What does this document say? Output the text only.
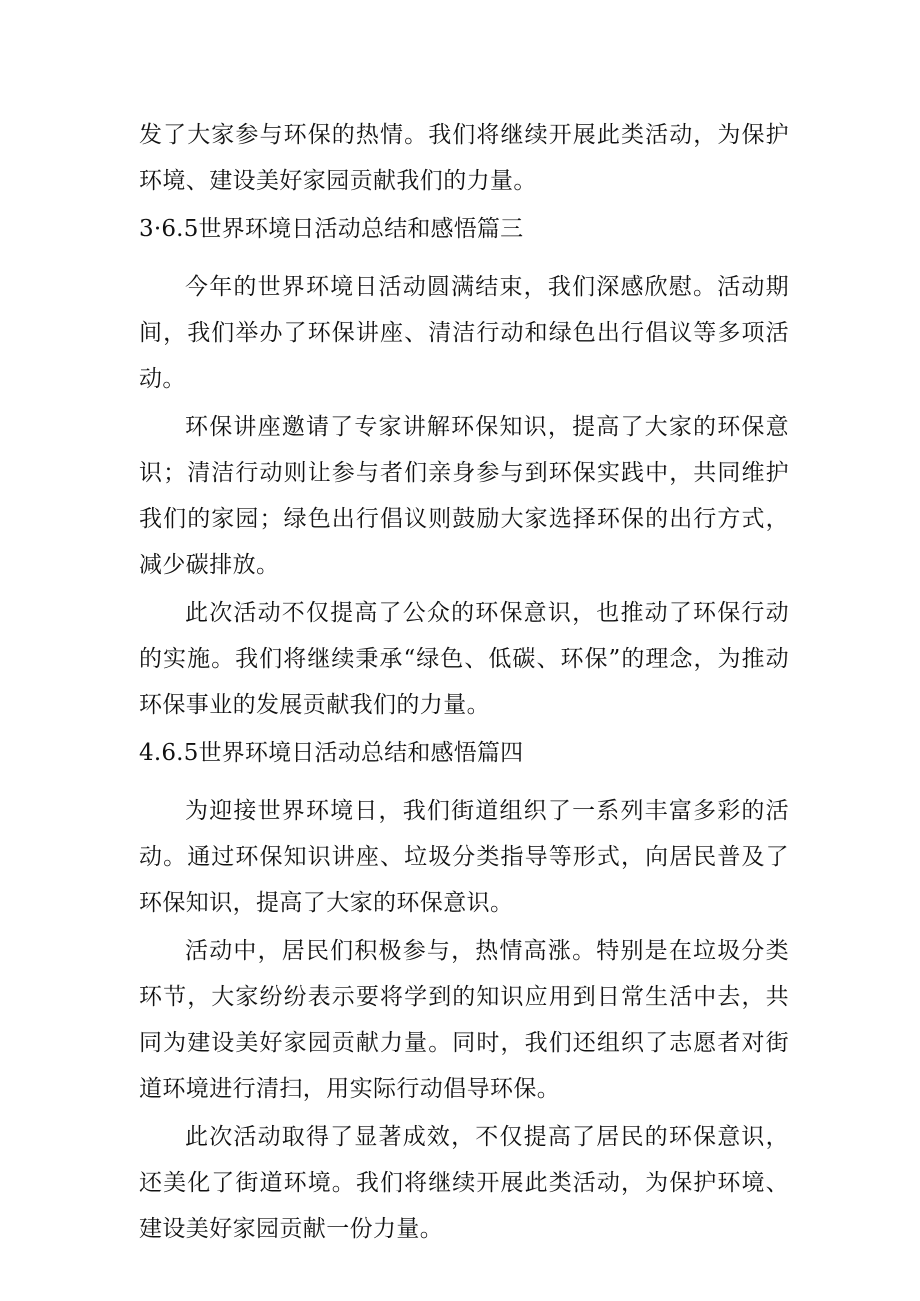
发了大家参与环保的热情。我们将继续开展此类活动，为保护环境、建设美好家园贡献我们的力量。

3·6.5世界环境日活动总结和感悟篇三

今年的世界环境日活动圆满结束，我们深感欣慰。活动期间，我们举办了环保讲座、清洁行动和绿色出行倡议等多项活动。

环保讲座邀请了专家讲解环保知识，提高了大家的环保意识；清洁行动则让参与者们亲身参与到环保实践中，共同维护我们的家园；绿色出行倡议则鼓励大家选择环保的出行方式，减少碳排放。

此次活动不仅提高了公众的环保意识，也推动了环保行动的实施。我们将继续秉承“绿色、低碳、环保”的理念，为推动环保事业的发展贡献我们的力量。

4.6.5世界环境日活动总结和感悟篇四

为迎接世界环境日，我们街道组织了一系列丰富多彩的活动。通过环保知识讲座、垃圾分类指导等形式，向居民普及了环保知识，提高了大家的环保意识。

活动中，居民们积极参与，热情高涨。特别是在垃圾分类环节，大家纷纷表示要将学到的知识应用到日常生活中去，共同为建设美好家园贡献力量。同时，我们还组织了志愿者对街道环境进行清扫，用实际行动倡导环保。

此次活动取得了显著成效，不仅提高了居民的环保意识，还美化了街道环境。我们将继续开展此类活动，为保护环境、建设美好家园贡献一份力量。
